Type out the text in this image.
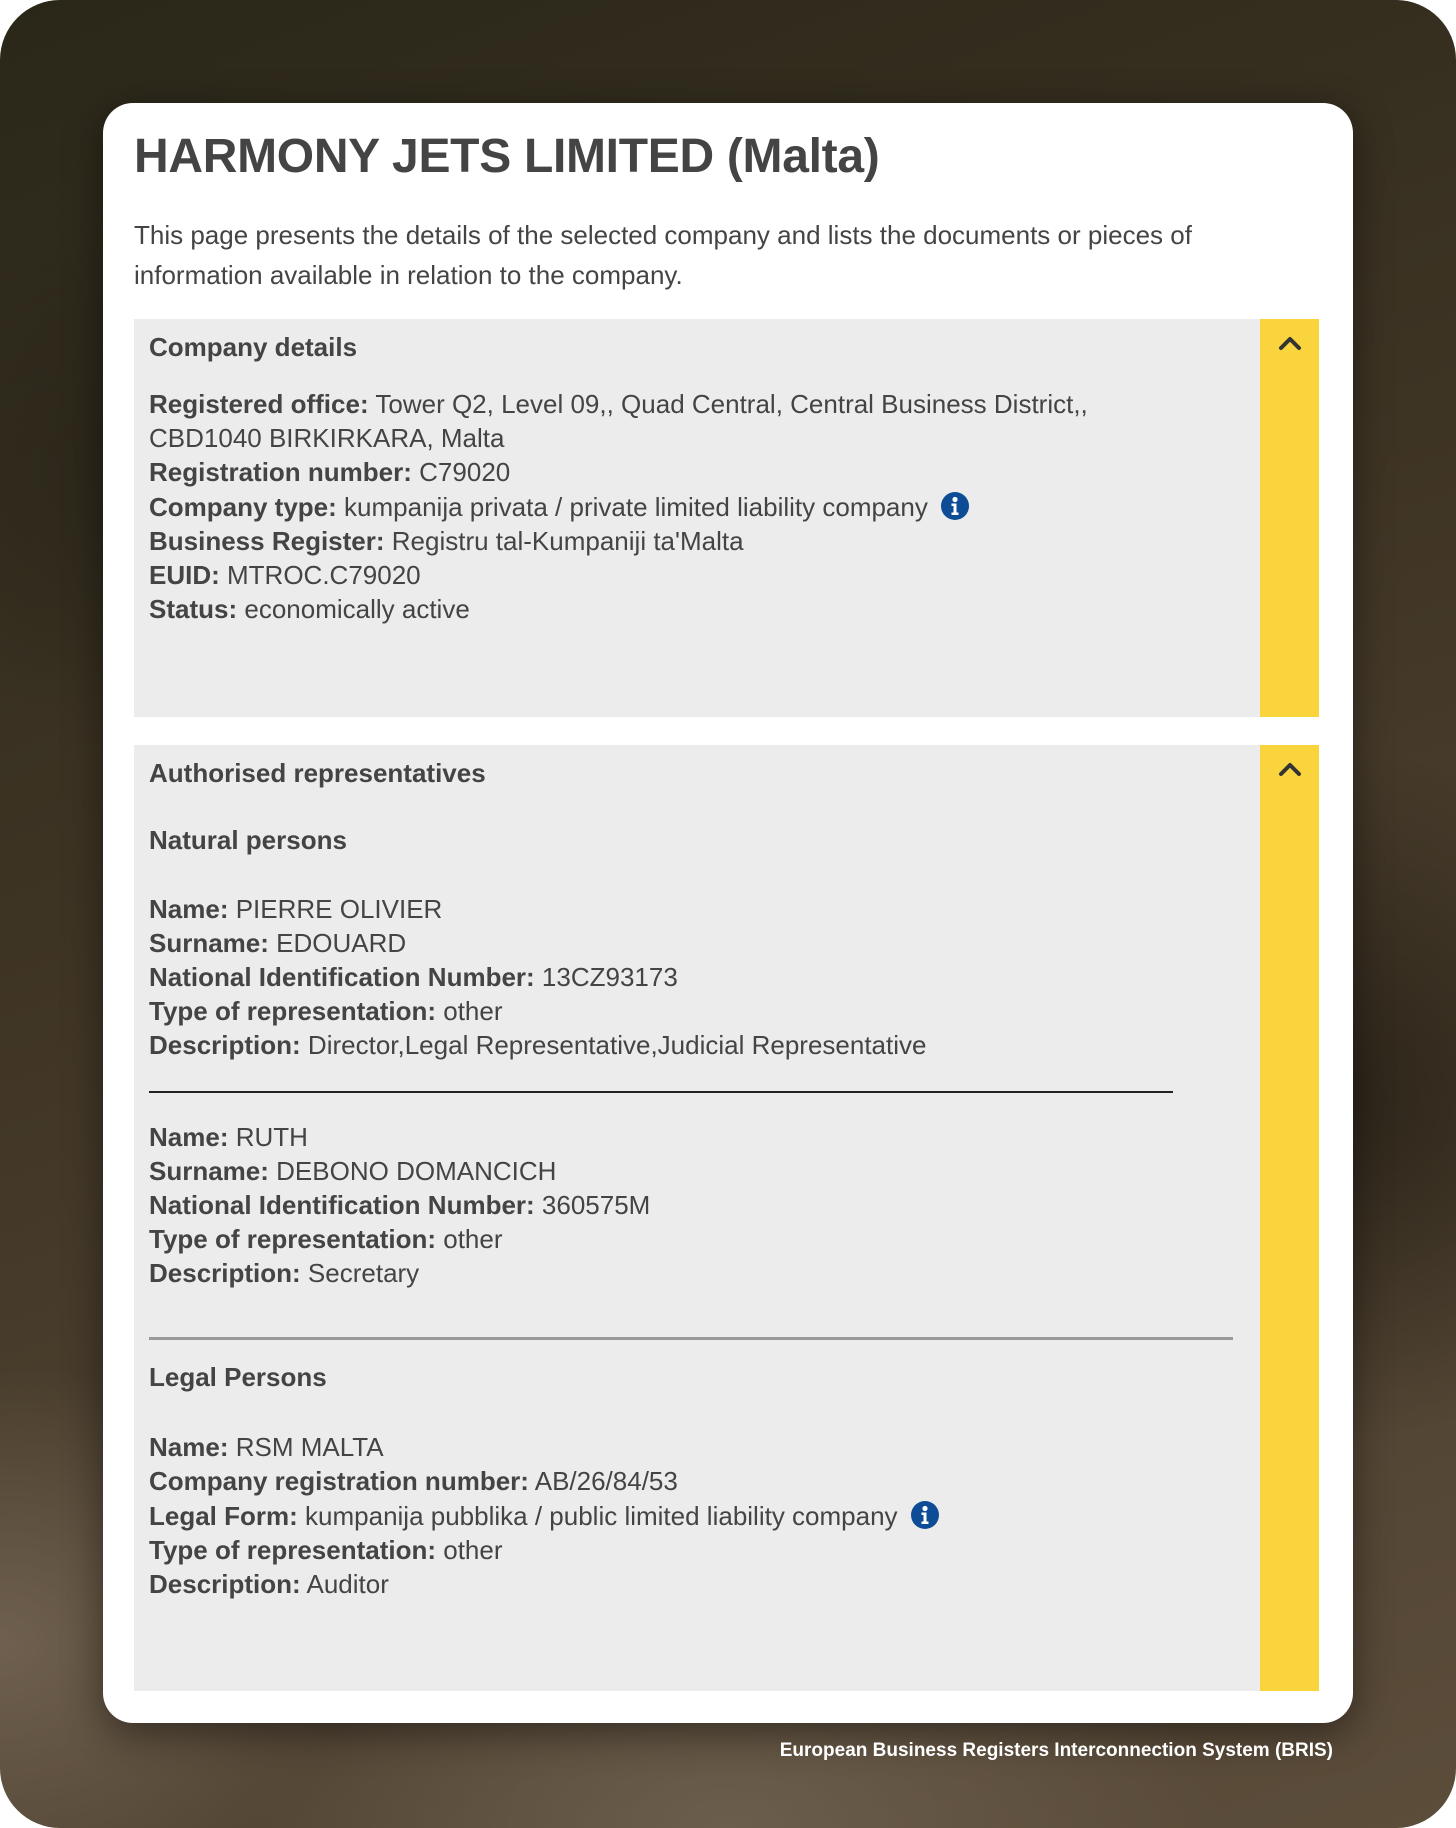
HARMONY JETS LIMITED (Malta)

This page presents the details of the selected company and lists the documents or pieces of information available in relation to the company.

Company details

Registered office: Tower Q2, Level 09,, Quad Central, Central Business District,,

CBD1040 BIRKIRKARA, Malta

Registration number: C79020

Company type: kumpanija privata / private limited liability company

Business Register: Registru tal-Kumpaniji ta'Malta

EUID: MTROC.C79020

Status: economically active

Authorised representatives

Natural persons

Name: PIERRE OLIVIER

Surname: EDOUARD

National Identification Number: 13CZ93173

Type of representation: other

Description: Director,Legal Representative,Judicial Representative

Name: RUTH

Surname: DEBONO DOMANCICH

National Identification Number: 360575M

Type of representation: other

Description: Secretary

Legal Persons

Name: RSM MALTA

Company registration number: AB/26/84/53

Legal Form: kumpanija pubblika / public limited liability company

Type of representation: other

Description: Auditor

European Business Registers Interconnection System (BRIS)
